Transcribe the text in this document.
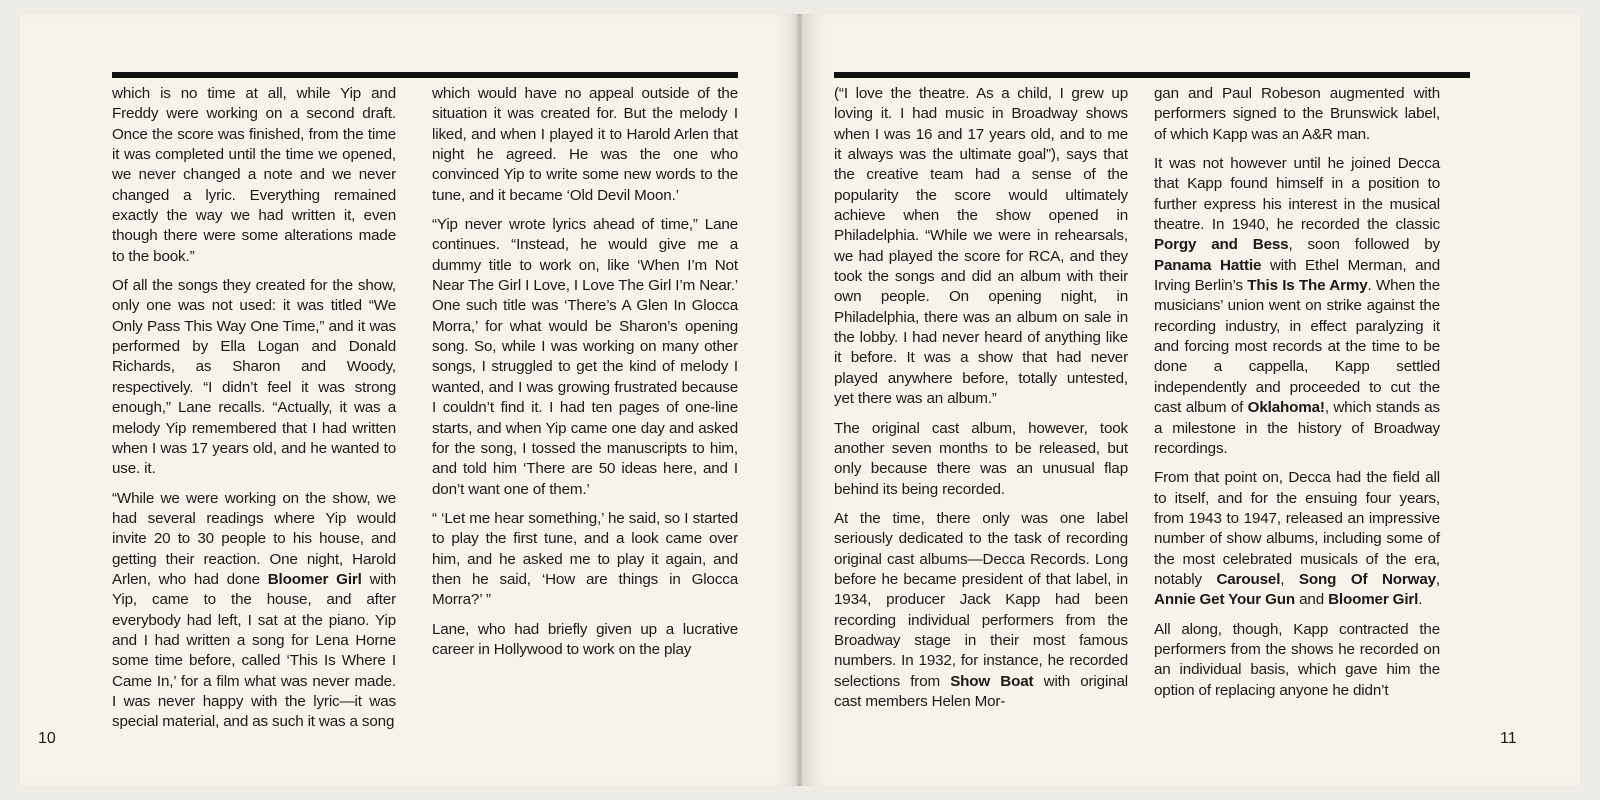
which is no time at all, while Yip and Freddy were working on a second draft. Once the score was finished, from the time it was completed until the time we opened, we never changed a note and we never changed a lyric. Everything remained exactly the way we had written it, even though there were some alterations made to the book.”

Of all the songs they created for the show, only one was not used: it was titled “We Only Pass This Way One Time,” and it was performed by Ella Logan and Donald Richards, as Sharon and Woody, respectively. “I didn’t feel it was strong enough,” Lane recalls. “Actually, it was a melody Yip remembered that I had written when I was 17 years old, and he wanted to use. it.

“While we were working on the show, we had several readings where Yip would invite 20 to 30 people to his house, and getting their reaction. One night, Harold Arlen, who had done Bloomer Girl with Yip, came to the house, and after everybody had left, I sat at the piano. Yip and I had written a song for Lena Horne some time before, called ‘This Is Where I Came In,’ for a film what was never made. I was never happy with the lyric—it was special material, and as such it was a song

which would have no appeal outside of the situation it was created for. But the melody I liked, and when I played it to Harold Arlen that night he agreed. He was the one who convinced Yip to write some new words to the tune, and it became ‘Old Devil Moon.’

“Yip never wrote lyrics ahead of time,” Lane continues. “Instead, he would give me a dummy title to work on, like ‘When I’m Not Near The Girl I Love, I Love The Girl I’m Near.’ One such title was ‘There’s A Glen In Glocca Morra,’ for what would be Sharon’s opening song. So, while I was working on many other songs, I struggled to get the kind of melody I wanted, and I was growing frustrated because I couldn’t find it. I had ten pages of one-line starts, and when Yip came one day and asked for the song, I tossed the manuscripts to him, and told him ‘There are 50 ideas here, and I don’t want one of them.’

“ ‘Let me hear something,’ he said, so I started to play the first tune, and a look came over him, and he asked me to play it again, and then he said, ‘How are things in Glocca Morra?’ ”

Lane, who had briefly given up a lucrative career in Hollywood to work on the play

10

(“I love the theatre. As a child, I grew up loving it. I had music in Broadway shows when I was 16 and 17 years old, and to me it always was the ultimate goal”), says that the creative team had a sense of the popularity the score would ultimately achieve when the show opened in Philadelphia. “While we were in rehearsals, we had played the score for RCA, and they took the songs and did an album with their own people. On opening night, in Philadelphia, there was an album on sale in the lobby. I had never heard of anything like it before. It was a show that had never played anywhere before, totally untested, yet there was an album.”

The original cast album, however, took another seven months to be released, but only because there was an unusual flap behind its being recorded.

At the time, there only was one label seriously dedicated to the task of recording original cast albums—Decca Records. Long before he became president of that label, in 1934, producer Jack Kapp had been recording individual performers from the Broadway stage in their most famous numbers. In 1932, for instance, he recorded selections from Show Boat with original cast members Helen Mor-

gan and Paul Robeson augmented with performers signed to the Brunswick label, of which Kapp was an A&R man.

It was not however until he joined Decca that Kapp found himself in a position to further express his interest in the musical theatre. In 1940, he recorded the classic Porgy and Bess, soon followed by Panama Hattie with Ethel Merman, and Irving Berlin’s This Is The Army. When the musicians’ union went on strike against the recording industry, in effect paralyzing it and forcing most records at the time to be done a cappella, Kapp settled independently and proceeded to cut the cast album of Oklahoma!, which stands as a milestone in the history of Broadway recordings.

From that point on, Decca had the field all to itself, and for the ensuing four years, from 1943 to 1947, released an impressive number of show albums, including some of the most celebrated musicals of the era, notably Carousel, Song Of Norway, Annie Get Your Gun and Bloomer Girl.

All along, though, Kapp contracted the performers from the shows he recorded on an individual basis, which gave him the option of replacing anyone he didn’t

11
